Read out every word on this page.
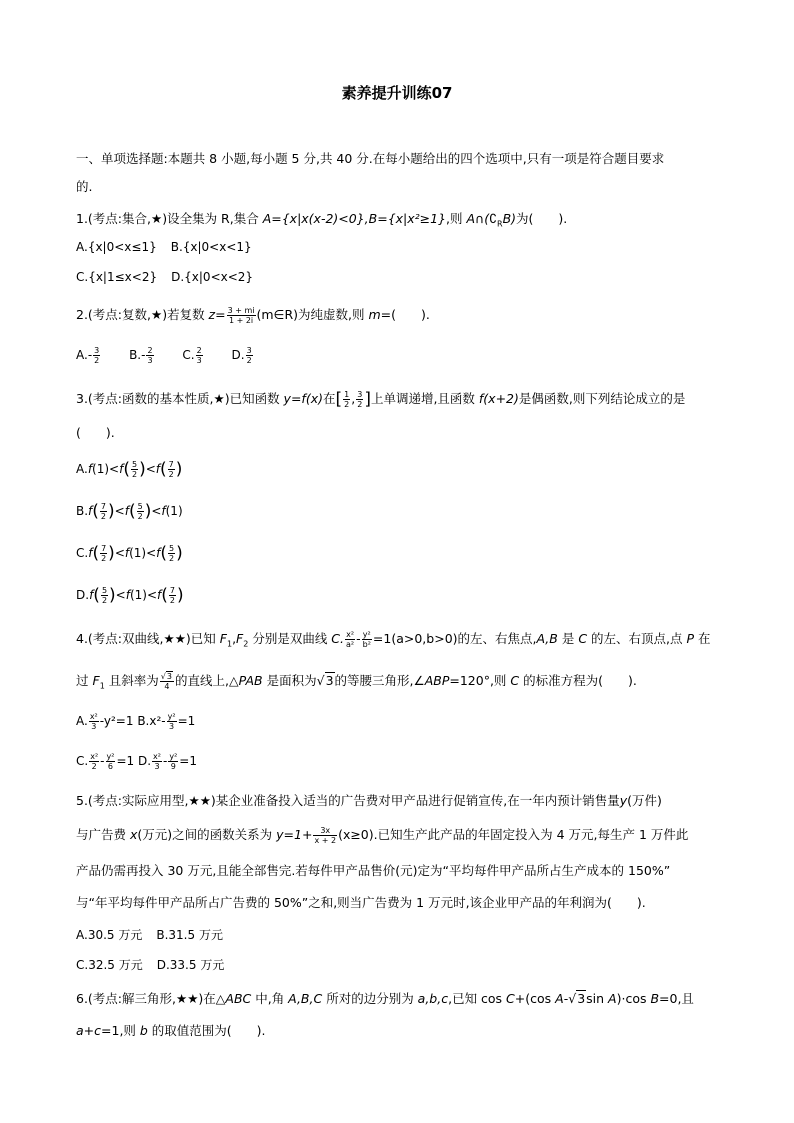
素养提升训练07
一、单项选择题:本题共 8 小题,每小题 5 分,共 40 分.在每小题给出的四个选项中,只有一项是符合题目要求
的.
1.(考点:集合,★)设全集为 R,集合 A={x|x(x-2)<0},B={x|x²≥1},则 $A\cap(∁_RB)$为(　　).
A.{x|0<x≤1} B.{x|0<x<1}
C.{x|1≤x<2} D.{x|0<x<2}
2.(考点:复数,★)若复数 $z= \frac{3 + mi}{1 + 2i}$ (m∈R)为纯虚数,则 m=(　　).
$A.- \frac{3}{2} B.- \frac{2}{3} C$. $\frac{2}{3} D$. $\frac{3}{2}$
3.(考点:函数的基本性质,★)已知函数 y=f(x)在[ $\frac{1}{2}$ , $\frac{3}{2}$ ]上单调递增,且函数 f(x+2)是偶函数,则下列结论成立的是
(　　).
$A.f(1)<f( \frac{5}{2} )<f( \frac{7}{2}$ )
$B.f( \frac{7}{2} )<f( \frac{5}{2} )<f(1)$
$C.f( \frac{7}{2} )<f(1)<f( \frac{5}{2}$ )
$D.f( \frac{5}{2} )<f(1)<f( \frac{7}{2}$ )
4.(考点:双曲线,★★)已知 $F_1,F_2$ 分别是双曲线 C. $\frac{\text{x²}}{\text{a²}} - \frac{\text{y²}}{\text{b²}} =1(a>0,b>0)$的左、右焦点,A,B 是 C 的左、右顶点,点 P 在
过 $F_1$ 且斜率为 $\frac{√3}{4}$ 的直线上,△PAB 是面积为√3的等腰三角形,∠ABP=120°,则 C 的标准方程为(　　).
A. $\frac{\text{x²}}{3} -y^2=1$ $B.x^2- \frac{\text{y²}}{3} =1$
C. $\frac{\text{x²}}{2} - \frac{\text{y²}}{6} =1$ D. $\frac{\text{x²}}{3} - \frac{\text{y²}}{9} =1$
5.(考点:实际应用型,★★)某企业准备投入适当的广告费对甲产品进行促销宣传,在一年内预计销售量y(万件)
与广告费 x(万元)之间的函数关系为 $y=1+ \frac{3x}{x + 2} (x\ge 0)$.已知生产此产品的年固定投入为 4 万元,每生产 1 万件此
产品仍需再投入 30 万元,且能全部售完.若每件甲产品售价(元)定为“平均每件甲产品所占生产成本的 150%”
与“年平均每件甲产品所占广告费的 50%”之和,则当广告费为 1 万元时,该企业甲产品的年利润为(　　).
A.30.5 万元 B.31.5 万元
C.32.5 万元 D.33.5 万元
6.(考点:解三角形,★★)在△ABC 中,角 A,B,C 所对的边分别为 a,b,c,已知 cos C+(cos A-√3sin A)·cos B=0,且
a+c=1,则 b 的取值范围为(　　).
